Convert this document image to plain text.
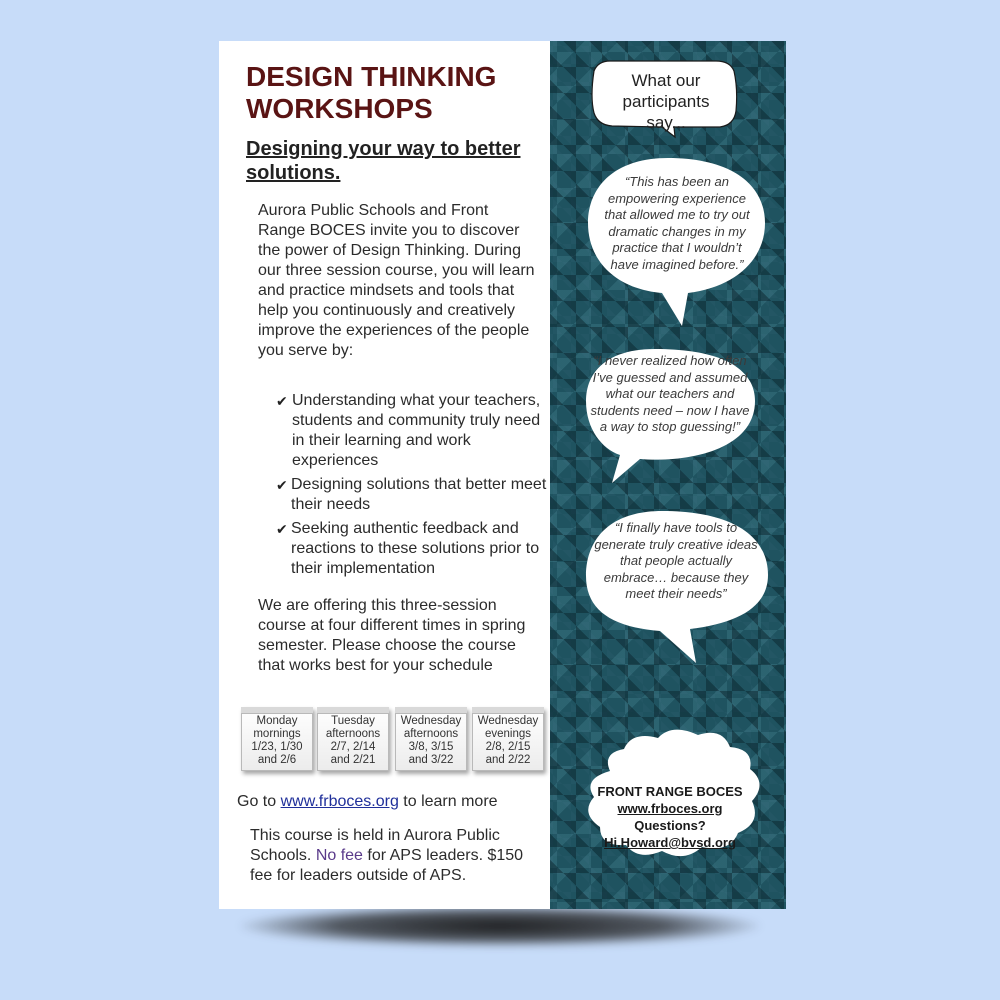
DESIGN THINKING WORKSHOPS
Designing your way to better solutions.
Aurora Public Schools and Front Range BOCES invite you to discover the power of Design Thinking. During our three session course, you will learn and practice mindsets and tools that help you continuously and creatively improve the experiences of the people you serve by:
✔ Understanding what your teachers, students and community truly need in their learning and work experiences
✔ Designing solutions that better meet their needs
✔ Seeking authentic feedback and reactions to these solutions prior to their implementation
We are offering this three-session course at four different times in spring semester. Please choose the course that works best for your schedule
Monday
mornings
1/23, 1/30
and 2/6
Tuesday
afternoons
2/7, 2/14
and 2/21
Wednesday
afternoons
3/8, 3/15
and 3/22
Wednesday
evenings
2/8, 2/15
and 2/22
Go to www.frboces.org to learn more
This course is held in Aurora Public Schools. No fee for APS leaders. $150 fee for leaders outside of APS.
What our participants say...
“This has been an empowering experience that allowed me to try out dramatic changes in my practice that I wouldn’t have imagined before.”
“I never realized how often I’ve guessed and assumed what our teachers and students need – now I have a way to stop guessing!”
“I finally have tools to generate truly creative ideas that people actually embrace… because they meet their needs”
FRONT RANGE BOCES
www.frboces.org
Questions?
Hi.Howard@bvsd.org
